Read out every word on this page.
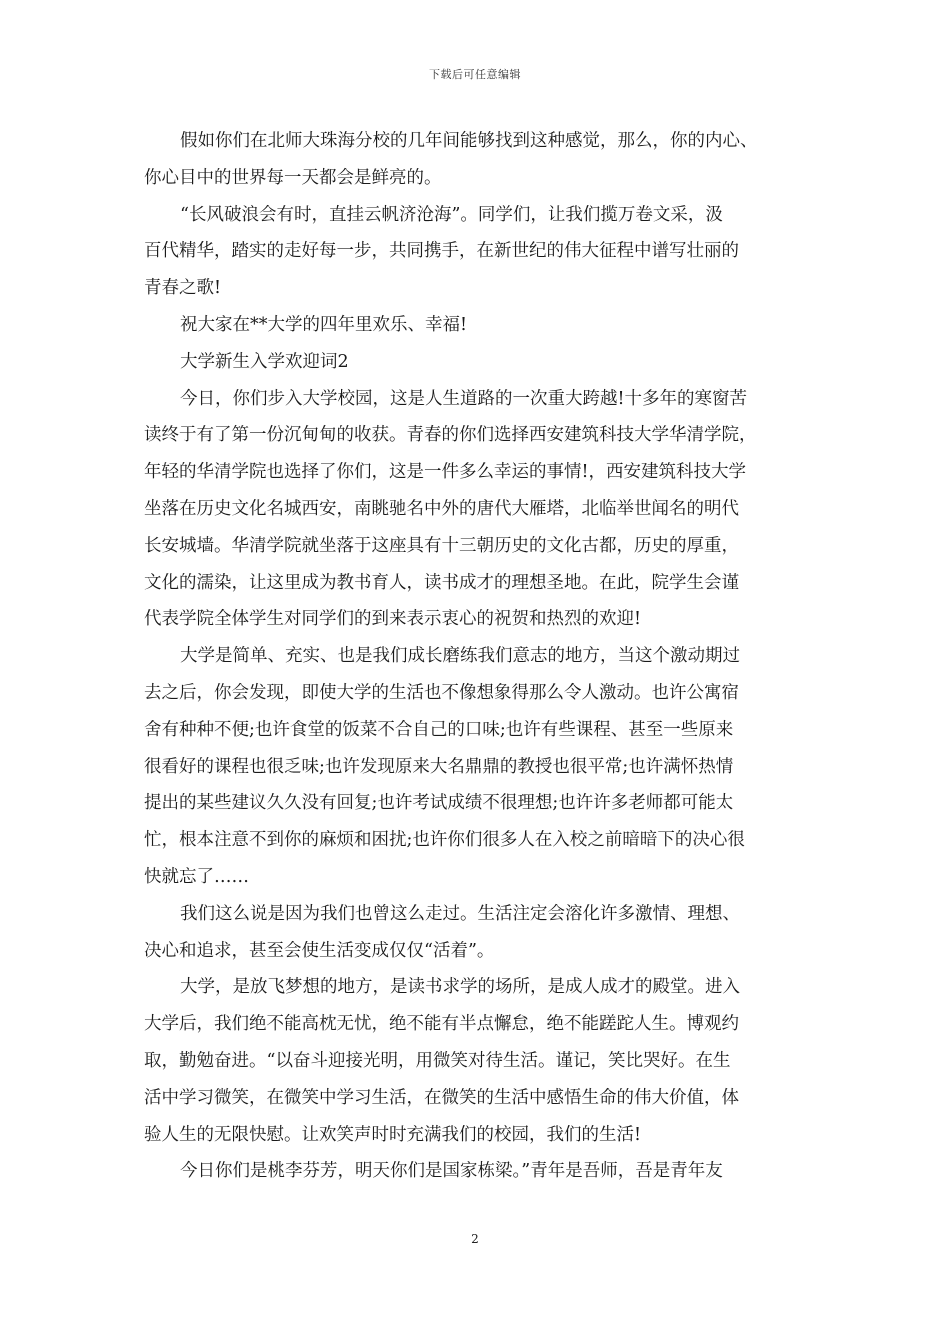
下载后可任意编辑
假如你们在北师大珠海分校的几年间能够找到这种感觉，那么，你的内心、
你心目中的世界每一天都会是鲜亮的。
“长风破浪会有时，直挂云帆济沧海”。同学们，让我们揽万卷文采，汲
百代精华，踏实的走好每一步，共同携手，在新世纪的伟大征程中谱写壮丽的
青春之歌!
祝大家在**大学的四年里欢乐、幸福!
大学新生入学欢迎词2
今日，你们步入大学校园，这是人生道路的一次重大跨越!十多年的寒窗苦
读终于有了第一份沉甸甸的收获。青春的你们选择西安建筑科技大学华清学院，
年轻的华清学院也选择了你们，这是一件多么幸运的事情!，西安建筑科技大学
坐落在历史文化名城西安，南眺驰名中外的唐代大雁塔，北临举世闻名的明代
长安城墙。华清学院就坐落于这座具有十三朝历史的文化古都，历史的厚重，
文化的濡染，让这里成为教书育人，读书成才的理想圣地。在此，院学生会谨
代表学院全体学生对同学们的到来表示衷心的祝贺和热烈的欢迎!
大学是简单、充实、也是我们成长磨练我们意志的地方，当这个激动期过
去之后，你会发现，即使大学的生活也不像想象得那么令人激动。也许公寓宿
舍有种种不便;也许食堂的饭菜不合自己的口味;也许有些课程、甚至一些原来
很看好的课程也很乏味;也许发现原来大名鼎鼎的教授也很平常;也许满怀热情
提出的某些建议久久没有回复;也许考试成绩不很理想;也许许多老师都可能太
忙，根本注意不到你的麻烦和困扰;也许你们很多人在入校之前暗暗下的决心很
快就忘了……
我们这么说是因为我们也曾这么走过。生活注定会溶化许多激情、理想、
决心和追求，甚至会使生活变成仅仅“活着”。
大学，是放飞梦想的地方，是读书求学的场所，是成人成才的殿堂。进入
大学后，我们绝不能高枕无忧，绝不能有半点懈怠，绝不能蹉跎人生。博观约
取，勤勉奋进。“以奋斗迎接光明，用微笑对待生活。谨记，笑比哭好。在生
活中学习微笑，在微笑中学习生活，在微笑的生活中感悟生命的伟大价值，体
验人生的无限快慰。让欢笑声时时充满我们的校园，我们的生活!
今日你们是桃李芬芳，明天你们是国家栋梁。”青年是吾师，吾是青年友
2
